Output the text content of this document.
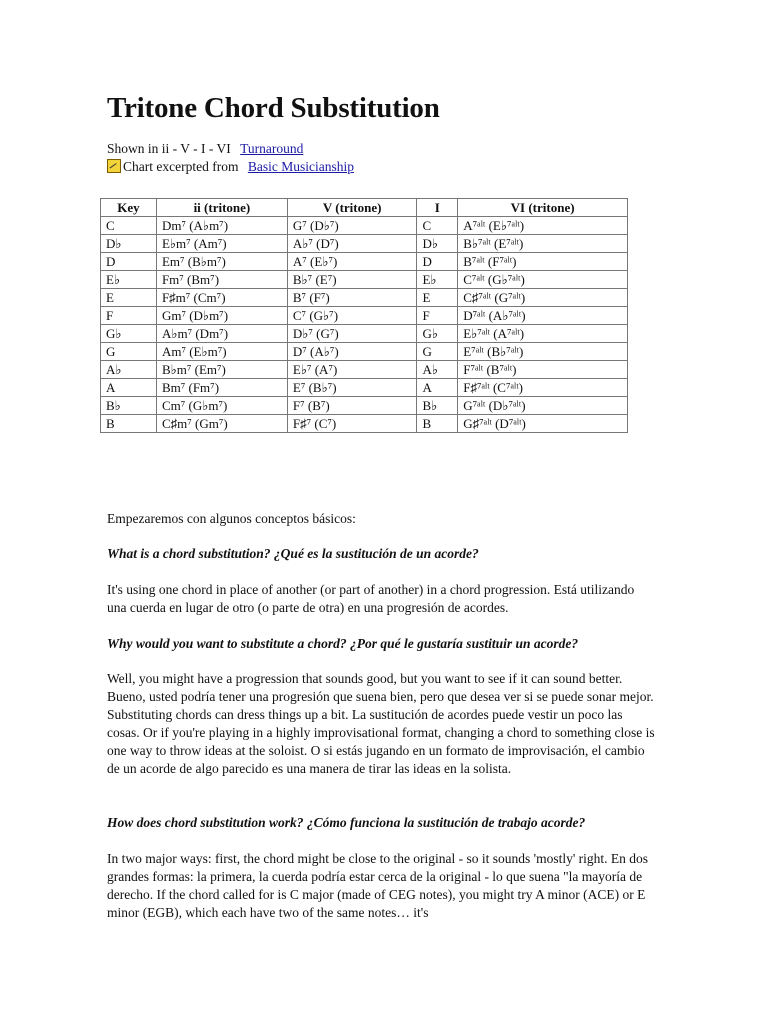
Tritone Chord Substitution
Shown in ii - V - I - VI Turnaround
Chart excerpted from Basic Musicianship
Key	ii (tritone)	V (tritone)	I	VI (tritone)
C	Dm⁷ (A♭m⁷)	G⁷ (D♭⁷)	C	A⁷ᵃˡᵗ (E♭⁷ᵃˡᵗ)
D♭	E♭m⁷ (Am⁷)	A♭⁷ (D⁷)	D♭	B♭⁷ᵃˡᵗ (E⁷ᵃˡᵗ)
D	Em⁷ (B♭m⁷)	A⁷ (E♭⁷)	D	B⁷ᵃˡᵗ (F⁷ᵃˡᵗ)
E♭	Fm⁷ (Bm⁷)	B♭⁷ (E⁷)	E♭	C⁷ᵃˡᵗ (G♭⁷ᵃˡᵗ)
E	F♯m⁷ (Cm⁷)	B⁷ (F⁷)	E	C♯⁷ᵃˡᵗ (G⁷ᵃˡᵗ)
F	Gm⁷ (D♭m⁷)	C⁷ (G♭⁷)	F	D⁷ᵃˡᵗ (A♭⁷ᵃˡᵗ)
G♭	A♭m⁷ (Dm⁷)	D♭⁷ (G⁷)	G♭	E♭⁷ᵃˡᵗ (A⁷ᵃˡᵗ)
G	Am⁷ (E♭m⁷)	D⁷ (A♭⁷)	G	E⁷ᵃˡᵗ (B♭⁷ᵃˡᵗ)
A♭	B♭m⁷ (Em⁷)	E♭⁷ (A⁷)	A♭	F⁷ᵃˡᵗ (B⁷ᵃˡᵗ)
A	Bm⁷ (Fm⁷)	E⁷ (B♭⁷)	A	F♯⁷ᵃˡᵗ (C⁷ᵃˡᵗ)
B♭	Cm⁷ (G♭m⁷)	F⁷ (B⁷)	B♭	G⁷ᵃˡᵗ (D♭⁷ᵃˡᵗ)
B	C♯m⁷ (Gm⁷)	F♯⁷ (C⁷)	B	G♯⁷ᵃˡᵗ (D⁷ᵃˡᵗ)

Empezaremos con algunos conceptos básicos:

What is a chord substitution? ¿Qué es la sustitución de un acorde?

It's using one chord in place of another (or part of another) in a chord progression. Está utilizando una cuerda en lugar de otro (o parte de otra) en una progresión de acordes.

Why would you want to substitute a chord? ¿Por qué le gustaría sustituir un acorde?

Well, you might have a progression that sounds good, but you want to see if it can sound better. Bueno, usted podría tener una progresión que suena bien, pero que desea ver si se puede sonar mejor. Substituting chords can dress things up a bit. La sustitución de acordes puede vestir un poco las cosas. Or if you're playing in a highly improvisational format, changing a chord to something close is one way to throw ideas at the soloist. O si estás jugando en un formato de improvisación, el cambio de un acorde de algo parecido es una manera de tirar las ideas en la solista.

How does chord substitution work? ¿Cómo funciona la sustitución de trabajo acorde?

In two major ways: first, the chord might be close to the original - so it sounds 'mostly' right. En dos grandes formas: la primera, la cuerda podría estar cerca de la original - lo que suena "la mayoría de derecho. If the chord called for is C major (made of CEG notes), you might try A minor (ACE) or E minor (EGB), which each have two of the same notes… it's
